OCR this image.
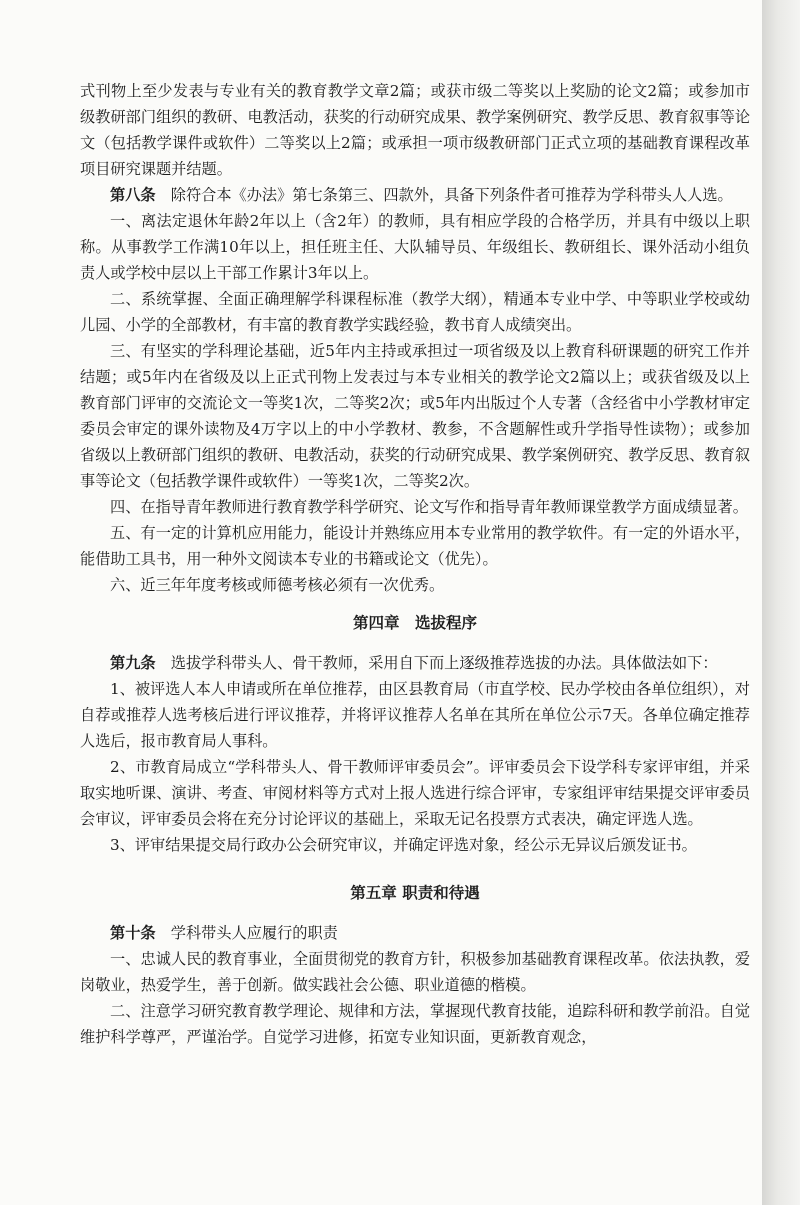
式刊物上至少发表与专业有关的教育教学文章2篇；或获市级二等奖以上奖励的论文2篇；或参加市级教研部门组织的教研、电教活动，获奖的行动研究成果、教学案例研究、教学反思、教育叙事等论文（包括教学课件或软件）二等奖以上2篇；或承担一项市级教研部门正式立项的基础教育课程改革项目研究课题并结题。

第八条　除符合本《办法》第七条第三、四款外，具备下列条件者可推荐为学科带头人人选。

一、离法定退休年龄2年以上（含2年）的教师，具有相应学段的合格学历，并具有中级以上职称。从事教学工作满10年以上，担任班主任、大队辅导员、年级组长、教研组长、课外活动小组负责人或学校中层以上干部工作累计3年以上。

二、系统掌握、全面正确理解学科课程标准（教学大纲），精通本专业中学、中等职业学校或幼儿园、小学的全部教材，有丰富的教育教学实践经验，教书育人成绩突出。

三、有坚实的学科理论基础，近5年内主持或承担过一项省级及以上教育科研课题的研究工作并结题；或5年内在省级及以上正式刊物上发表过与本专业相关的教学论文2篇以上；或获省级及以上教育部门评审的交流论文一等奖1次，二等奖2次；或5年内出版过个人专著（含经省中小学教材审定委员会审定的课外读物及4万字以上的中小学教材、教参，不含题解性或升学指导性读物）；或参加省级以上教研部门组织的教研、电教活动，获奖的行动研究成果、教学案例研究、教学反思、教育叙事等论文（包括教学课件或软件）一等奖1次，二等奖2次。

四、在指导青年教师进行教育教学科学研究、论文写作和指导青年教师课堂教学方面成绩显著。

五、有一定的计算机应用能力，能设计并熟练应用本专业常用的教学软件。有一定的外语水平，能借助工具书，用一种外文阅读本专业的书籍或论文（优先）。

六、近三年年度考核或师德考核必须有一次优秀。

第四章　选拔程序

第九条　选拔学科带头人、骨干教师，采用自下而上逐级推荐选拔的办法。具体做法如下：

1、被评选人本人申请或所在单位推荐，由区县教育局（市直学校、民办学校由各单位组织），对自荐或推荐人选考核后进行评议推荐，并将评议推荐人名单在其所在单位公示7天。各单位确定推荐人选后，报市教育局人事科。

2、市教育局成立“学科带头人、骨干教师评审委员会”。评审委员会下设学科专家评审组，并采取实地听课、演讲、考查、审阅材料等方式对上报人选进行综合评审，专家组评审结果提交评审委员会审议，评审委员会将在充分讨论评议的基础上，采取无记名投票方式表决，确定评选人选。

3、评审结果提交局行政办公会研究审议，并确定评选对象，经公示无异议后颁发证书。

第五章 职责和待遇

第十条　学科带头人应履行的职责

一、忠诚人民的教育事业，全面贯彻党的教育方针，积极参加基础教育课程改革。依法执教，爱岗敬业，热爱学生，善于创新。做实践社会公德、职业道德的楷模。

二、注意学习研究教育教学理论、规律和方法，掌握现代教育技能，追踪科研和教学前沿。自觉维护科学尊严，严谨治学。自觉学习进修，拓宽专业知识面，更新教育观念，
